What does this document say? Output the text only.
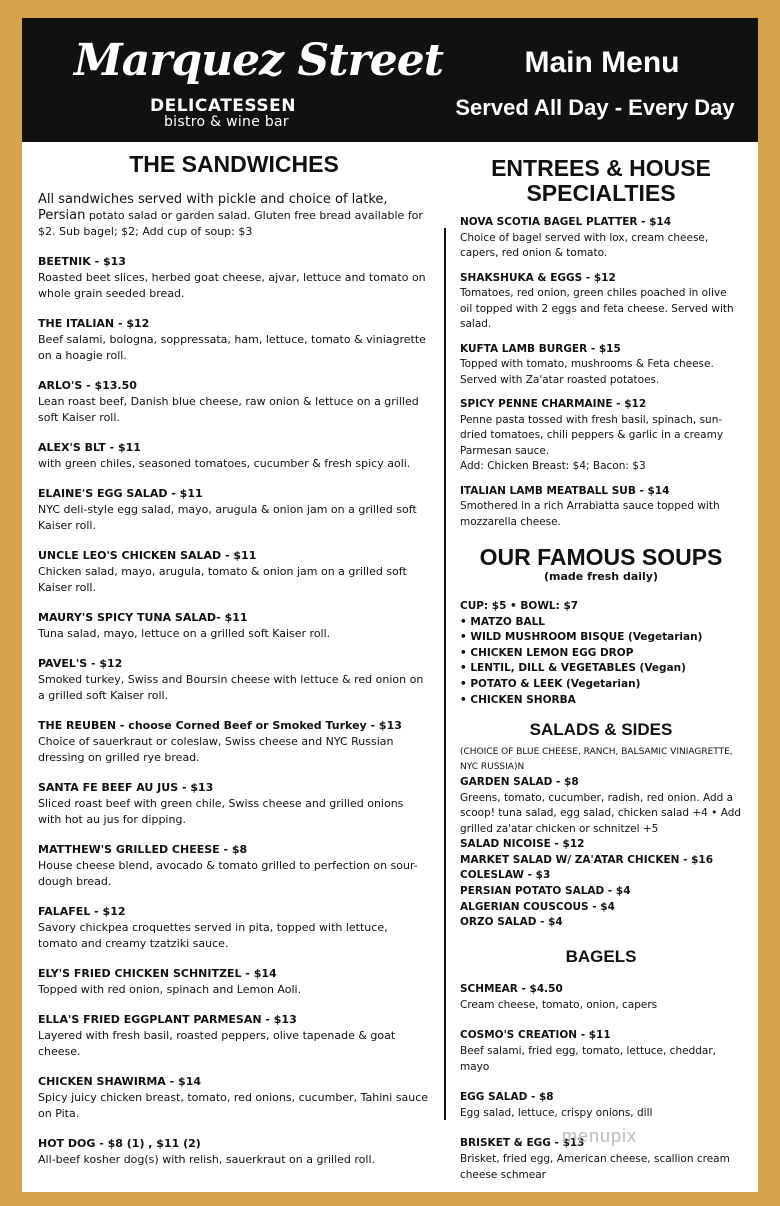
Marquez Street
DELICATESSEN
bistro & wine bar
Main Menu
Served All Day - Every Day
THE SANDWICHES
All sandwiches served with pickle and choice of latke, Persian potato salad or garden salad. Gluten free bread available for $2. Sub bagel; $2; Add cup of soup: $3
BEETNIK - $13
Roasted beet slices, herbed goat cheese, ajvar, lettuce and tomato on whole grain seeded bread.
THE ITALIAN - $12
Beef salami, bologna, soppressata, ham, lettuce, tomato & viniagrette on a hoagie roll.
ARLO'S - $13.50
Lean roast beef, Danish blue cheese, raw onion & lettuce on a grilled soft Kaiser roll.
ALEX'S BLT - $11
with green chiles, seasoned tomatoes, cucumber & fresh spicy aoli.
ELAINE'S EGG SALAD - $11
NYC deli-style egg salad, mayo, arugula & onion jam on a grilled soft Kaiser roll.
UNCLE LEO'S CHICKEN SALAD - $11
Chicken salad, mayo, arugula, tomato & onion jam on a grilled soft Kaiser roll.
MAURY'S SPICY TUNA SALAD- $11
Tuna salad, mayo, lettuce on a grilled soft Kaiser roll.
PAVEL'S - $12
Smoked turkey, Swiss and Boursin cheese with lettuce & red onion on a grilled soft Kaiser roll.
THE REUBEN - choose Corned Beef or Smoked Turkey - $13
Choice of sauerkraut or coleslaw, Swiss cheese and NYC Russian dressing on grilled rye bread.
SANTA FE BEEF AU JUS - $13
Sliced roast beef with green chile, Swiss cheese and grilled onions with hot au jus for dipping.
MATTHEW'S GRILLED CHEESE - $8
House cheese blend, avocado & tomato grilled to perfection on sour-dough bread.
FALAFEL - $12
Savory chickpea croquettes served in pita, topped with lettuce, tomato and creamy tzatziki sauce.
ELY'S FRIED CHICKEN SCHNITZEL - $14
Topped with red onion, spinach and Lemon Aoli.
ELLA'S FRIED EGGPLANT PARMESAN - $13
Layered with fresh basil, roasted peppers, olive tapenade & goat cheese.
CHICKEN SHAWIRMA - $14
Spicy juicy chicken breast, tomato, red onions, cucumber, Tahini sauce on Pita.
HOT DOG - $8 (1) , $11 (2)
All-beef kosher dog(s) with relish, sauerkraut on a grilled roll.
ENTREES & HOUSE
SPECIALTIES
NOVA SCOTIA BAGEL PLATTER - $14
Choice of bagel served with lox, cream cheese, capers, red onion & tomato.
SHAKSHUKA & EGGS - $12
Tomatoes, red onion, green chiles poached in olive oil topped with 2 eggs and feta cheese. Served with salad.
KUFTA LAMB BURGER - $15
Topped with tomato, mushrooms & Feta cheese. Served with Za'atar roasted potatoes.
SPICY PENNE CHARMAINE - $12
Penne pasta tossed with fresh basil, spinach, sun-dried tomatoes, chili peppers & garlic in a creamy Parmesan sauce.
Add: Chicken Breast: $4; Bacon: $3
ITALIAN LAMB MEATBALL SUB - $14
Smothered in a rich Arrabiatta sauce topped with mozzarella cheese.
OUR FAMOUS SOUPS
(made fresh daily)
CUP: $5 • BOWL: $7
• MATZO BALL
• WILD MUSHROOM BISQUE (Vegetarian)
• CHICKEN LEMON EGG DROP
• LENTIL, DILL & VEGETABLES (Vegan)
• POTATO & LEEK (Vegetarian)
• CHICKEN SHORBA
SALADS & SIDES
(CHOICE OF BLUE CHEESE, RANCH, BALSAMIC VINIAGRETTE, NYC RUSSIA)N
GARDEN SALAD - $8
Greens, tomato, cucumber, radish, red onion. Add a scoop! tuna salad, egg salad, chicken salad +4 • Add grilled za'atar chicken or schnitzel +5
SALAD NICOISE - $12
MARKET SALAD W/ ZA'ATAR CHICKEN - $16
COLESLAW - $3
PERSIAN POTATO SALAD - $4
ALGERIAN COUSCOUS - $4
ORZO SALAD - $4
BAGELS
SCHMEAR - $4.50
Cream cheese, tomato, onion, capers
COSMO'S CREATION - $11
Beef salami, fried egg, tomato, lettuce, cheddar, mayo
EGG SALAD - $8
Egg salad, lettuce, crispy onions, dill
BRISKET & EGG - $13
Brisket, fried egg, American cheese, scallion cream cheese schmear
menupix
